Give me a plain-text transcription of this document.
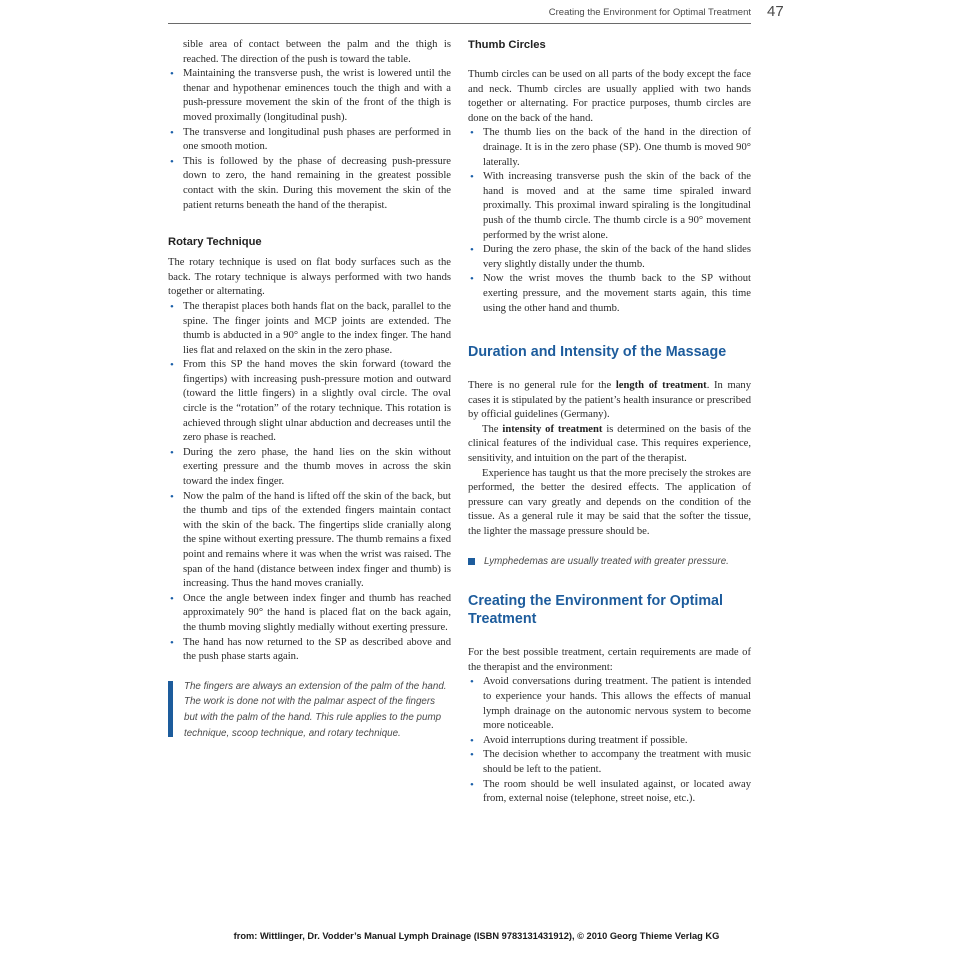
Creating the Environment for Optimal Treatment 47

sible area of contact between the palm and the thigh is reached. The direction of the push is toward the table.

• Maintaining the transverse push, the wrist is lowered until the thenar and hypothenar eminences touch the thigh and with a push-pressure movement the skin of the front of the thigh is moved proximally (longitudinal push).
• The transverse and longitudinal push phases are performed in one smooth motion.
• This is followed by the phase of decreasing push-pressure down to zero, the hand remaining in the greatest possible contact with the skin. During this movement the skin of the patient returns beneath the hand of the therapist.
Rotary Technique

The rotary technique is used on flat body surfaces such as the back. The rotary technique is always performed with two hands together or alternating.

• The therapist places both hands flat on the back, parallel to the spine. The finger joints and MCP joints are extended. The thumb is abducted in a 90° angle to the index finger. The hand lies flat and relaxed on the skin in the zero phase.
• From this SP the hand moves the skin forward (toward the fingertips) with increasing push-pressure motion and outward (toward the little fingers) in a slightly oval circle. The oval circle is the “rotation” of the rotary technique. This rotation is achieved through slight ulnar abduction and decreases until the zero phase is reached.
• During the zero phase, the hand lies on the skin without exerting pressure and the thumb moves in across the skin toward the index finger.
• Now the palm of the hand is lifted off the skin of the back, but the thumb and tips of the extended fingers maintain contact with the skin of the back. The fingertips slide cranially along the spine without exerting pressure. The thumb remains a fixed point and remains where it was when the wrist was raised. The span of the hand (distance between index finger and thumb) is increasing. Thus the hand moves cranially.
• Once the angle between index finger and thumb has reached approximately 90° the hand is placed flat on the back again, the thumb moving slightly medially without exerting pressure.
• The hand has now returned to the SP as described above and the push phase starts again.
The fingers are always an extension of the palm of the hand. The work is done not with the palmar aspect of the fingers but with the palm of the hand. This rule applies to the pump technique, scoop technique, and rotary technique.
Thumb Circles

Thumb circles can be used on all parts of the body except the face and neck. Thumb circles are usually applied with two hands together or alternating. For practice purposes, thumb circles are done on the back of the hand.

• The thumb lies on the back of the hand in the direction of drainage. It is in the zero phase (SP). One thumb is moved 90° laterally.
• With increasing transverse push the skin of the back of the hand is moved and at the same time spiraled inward proximally. This proximal inward spiraling is the longitudinal push of the thumb circle. The thumb circle is a 90° movement performed by the wrist alone.
• During the zero phase, the skin of the back of the hand slides very slightly distally under the thumb.
• Now the wrist moves the thumb back to the SP without exerting pressure, and the movement starts again, this time using the other hand and thumb.
Duration and Intensity of the Massage

There is no general rule for the length of treatment. In many cases it is stipulated by the patient’s health insurance or prescribed by official guidelines (Germany).

The intensity of treatment is determined on the basis of the clinical features of the individual case. This requires experience, sensitivity, and intuition on the part of the therapist.

Experience has taught us that the more precisely the strokes are performed, the better the desired effects. The application of pressure can vary greatly and depends on the condition of the tissue. As a general rule it may be said that the softer the tissue, the lighter the massage pressure should be.

Lymphedemas are usually treated with greater pressure.
Creating the Environment for Optimal
Treatment

For the best possible treatment, certain requirements are made of the therapist and the environment:

• Avoid conversations during treatment. The patient is intended to experience your hands. This allows the effects of manual lymph drainage on the autonomic nervous system to become more noticeable.
• Avoid interruptions during treatment if possible.
• The decision whether to accompany the treatment with music should be left to the patient.
• The room should be well insulated against, or located away from, external noise (telephone, street noise, etc.).
from: Wittlinger, Dr. Vodder’s Manual Lymph Drainage (ISBN 9783131431912), © 2010 Georg Thieme Verlag KG
